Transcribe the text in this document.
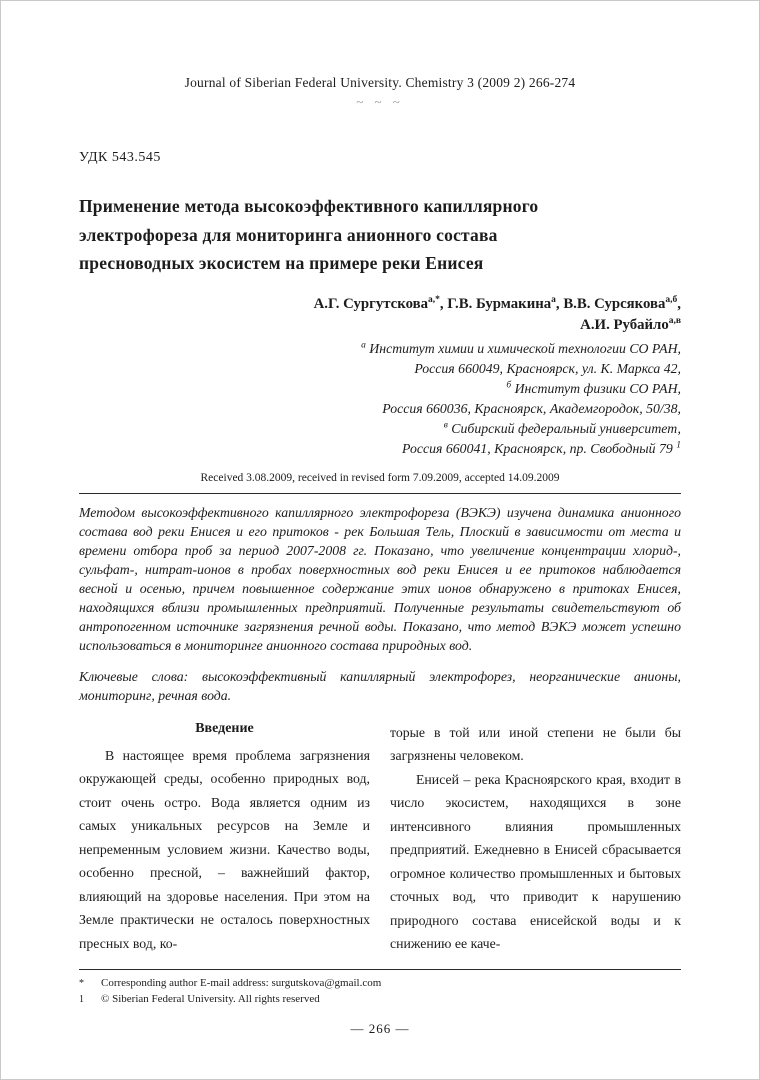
Journal of Siberian Federal University. Chemistry 3 (2009 2) 266-274
~ ~ ~
УДК 543.545
Применение метода высокоэффективного капиллярного
электрофореза для мониторинга анионного состава
пресноводных экосистем на примере реки Енисея
А.Г. Сургутскова$^{а,*}$, Г.В. Бурмакина$^а$, В.В. Сурсякова$^{а,б}$,
А.И. Рубайло$^{а,в}$
$^а$ Институт химии и химической технологии СО РАН,
Россия 660049, Красноярск, ул. К. Маркса 42,
$^б$ Институт физики СО РАН,
Россия 660036, Красноярск, Академгородок, 50/38,
$^в$ Сибирский федеральный университет,
Россия 660041, Красноярск, пр. Свободный 79 $^1$
Received 3.08.2009, received in revised form 7.09.2009, accepted 14.09.2009

Методом высокоэффективного капиллярного электрофореза (ВЭКЭ) изучена динамика анионного состава вод реки Енисея и его притоков - рек Большая Тель, Плоский в зависимости от места и времени отбора проб за период 2007-2008 гг. Показано, что увеличение концентрации хлорид-, сульфат-, нитрат-ионов в пробах поверхностных вод реки Енисея и ее притоков наблюдается весной и осенью, причем повышенное содержание этих ионов обнаружено в притоках Енисея, находящихся вблизи промышленных предприятий. Полученные результаты свидетельствуют об антропогенном источнике загрязнения речной воды. Показано, что метод ВЭКЭ может успешно использоваться в мониторинге анионного состава природных вод.

Ключевые слова: высокоэффективный капиллярный электрофорез, неорганические анионы, мониторинг, речная вода.

Введение

В настоящее время проблема загрязнения окружающей среды, особенно природных вод, стоит очень остро. Вода является одним из самых уникальных ресурсов на Земле и непременным условием жизни. Качество воды, особенно пресной, – важнейший фактор, влияющий на здоровье населения. При этом на Земле практически не осталось поверхностных пресных вод, ко-

торые в той или иной степени не были бы загрязнены человеком.

Енисей – река Красноярского края, входит в число экосистем, находящихся в зоне интенсивного влияния промышленных предприятий. Ежедневно в Енисей сбрасывается огромное количество промышленных и бытовых сточных вод, что приводит к нарушению природного состава енисейской воды и к снижению ее каче-

*	Corresponding author E-mail address: surgutskova@gmail.com
1	© Siberian Federal University. All rights reserved
— 266 —
